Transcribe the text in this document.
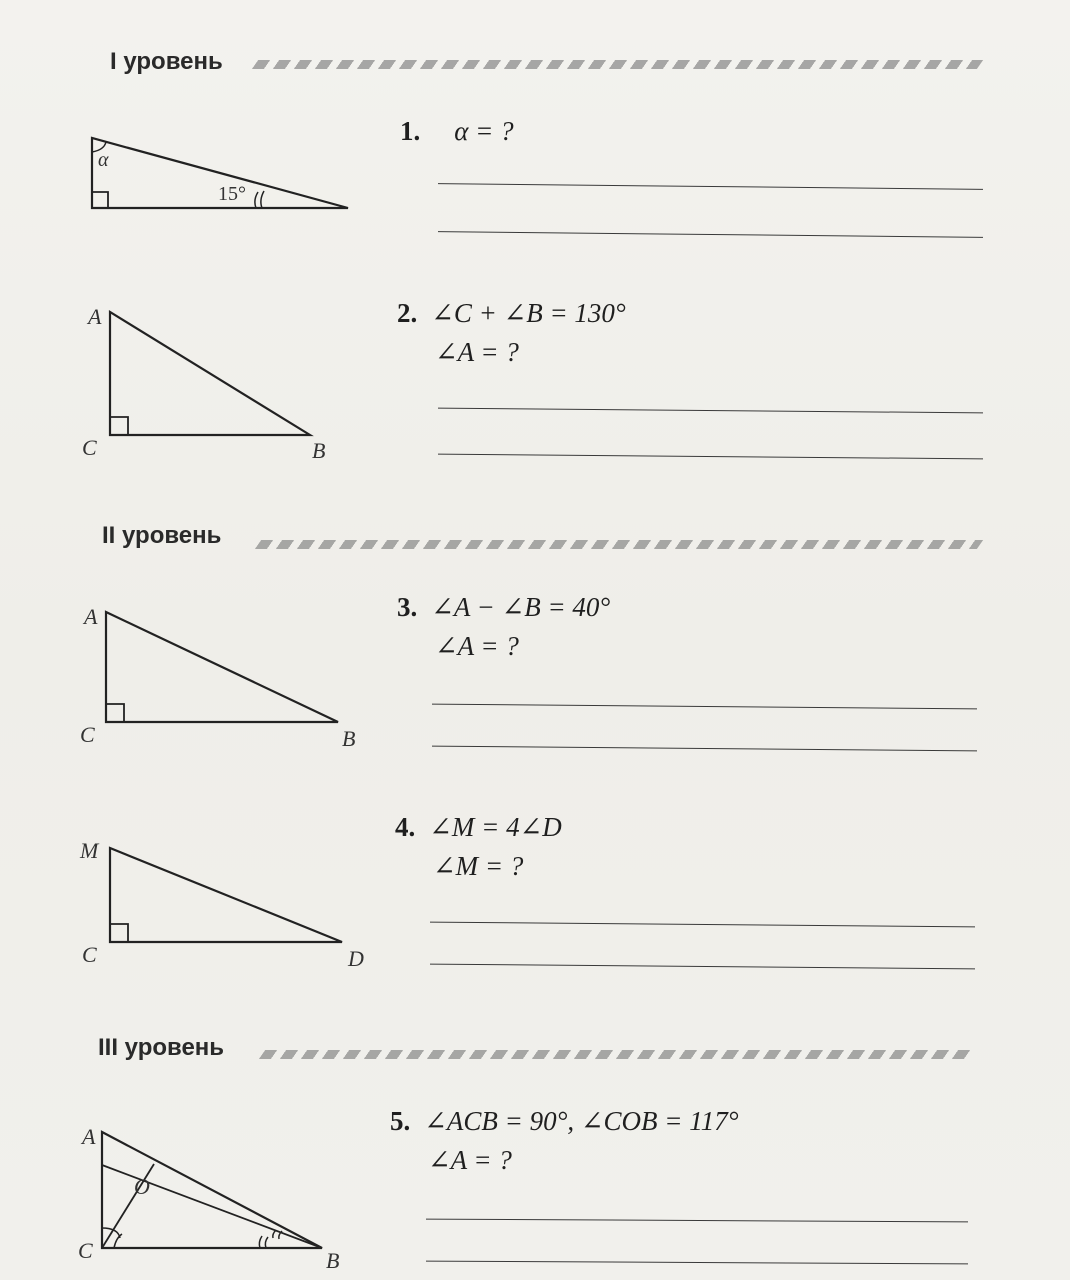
I уровень
α
15°
1. α = ?
A
C	B
2. ∠C + ∠B = 130°
∠A = ?
II уровень
A
C	B
3. ∠A − ∠B = 40°
∠A = ?
M
C	D
4. ∠M = 4∠D
∠M = ?
III уровень
A
O
C	B
5. ∠ACB = 90°, ∠COB = 117°
∠A = ?
